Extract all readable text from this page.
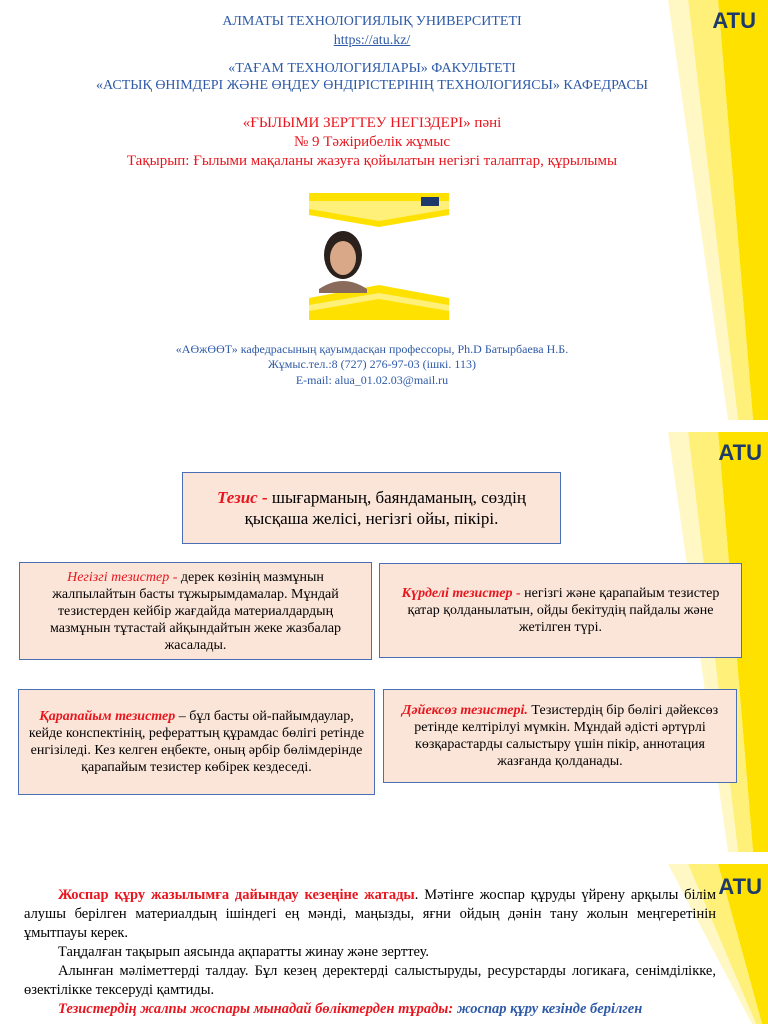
ATU
АЛМАТЫ ТЕХНОЛОГИЯЛЫҚ УНИВЕРСИТЕТІ
https://atu.kz/
«ТАҒАМ ТЕХНОЛОГИЯЛАРЫ» ФАКУЛЬТЕТІ
«АСТЫҚ ӨНІМДЕРІ ЖӘНЕ ӨҢДЕУ ӨНДІРІСТЕРІНІҢ ТЕХНОЛОГИЯСЫ» КАФЕДРАСЫ
«ҒЫЛЫМИ ЗЕРТТЕУ НЕГІЗДЕРІ» пәні
№ 9 Тәжірибелік жұмыс
Тақырып: Ғылыми мақаланы жазуға қойылатын негізгі талаптар, құрылымы
«АӨжӨӨТ» кафедрасының қауымдасқан профессоры, Ph.D Батырбаева Н.Б.
Жұмыс.тел.:8 (727) 276-97-03 (ішкі. 113)
E-mail: alua_01.02.03@mail.ru
ATU
Тезис - шығарманың, баяндаманың, сөздің қысқаша желісі, негізгі ойы, пікірі.
Негізгі тезистер - дерек көзінің мазмұнын жалпылайтын басты тұжырымдамалар. Мұндай тезистерден кейбір жағдайда материалдардың мазмұнын тұтастай айқындайтын жеке жазбалар жасалады.
Күрделі тезистер - негізгі және қарапайым тезистер қатар қолданылатын, ойды бекітудің пайдалы және жетілген түрі.
Қарапайым тезистер – бұл басты ой-пайымдаулар, кейде конспектінің, рефераттың құрамдас бөлігі ретінде енгізіледі. Кез келген еңбекте, оның әрбір бөлімдерінде қарапайым тезистер көбірек кездеседі.
Дәйексөз тезистері. Тезистердің бір бөлігі дәйексөз ретінде келтірілуі мүмкін. Мұндай әдісті әртүрлі көзқарастарды салыстыру үшін пікір, аннотация жазғанда қолданады.
ATU
Жоспар құру жазылымға дайындау кезеңіне жатады. Мәтінге жоспар құруды үйрену арқылы білім алушы берілген материалдың ішіндегі ең мәнді, маңызды, яғни ойдың дәнін тану жолын меңгеретінін ұмытпауы керек.
Таңдалған тақырып аясында ақпаратты жинау және зерттеу.
Алынған мәліметтерді талдау. Бұл кезең деректерді салыстыруды, ресурстарды логикаға, сенімділікке, өзектілікке тексеруді қамтиды.
Тезистердің жалпы жоспары мынадай бөліктерден тұрады: жоспар құру кезінде берілген
